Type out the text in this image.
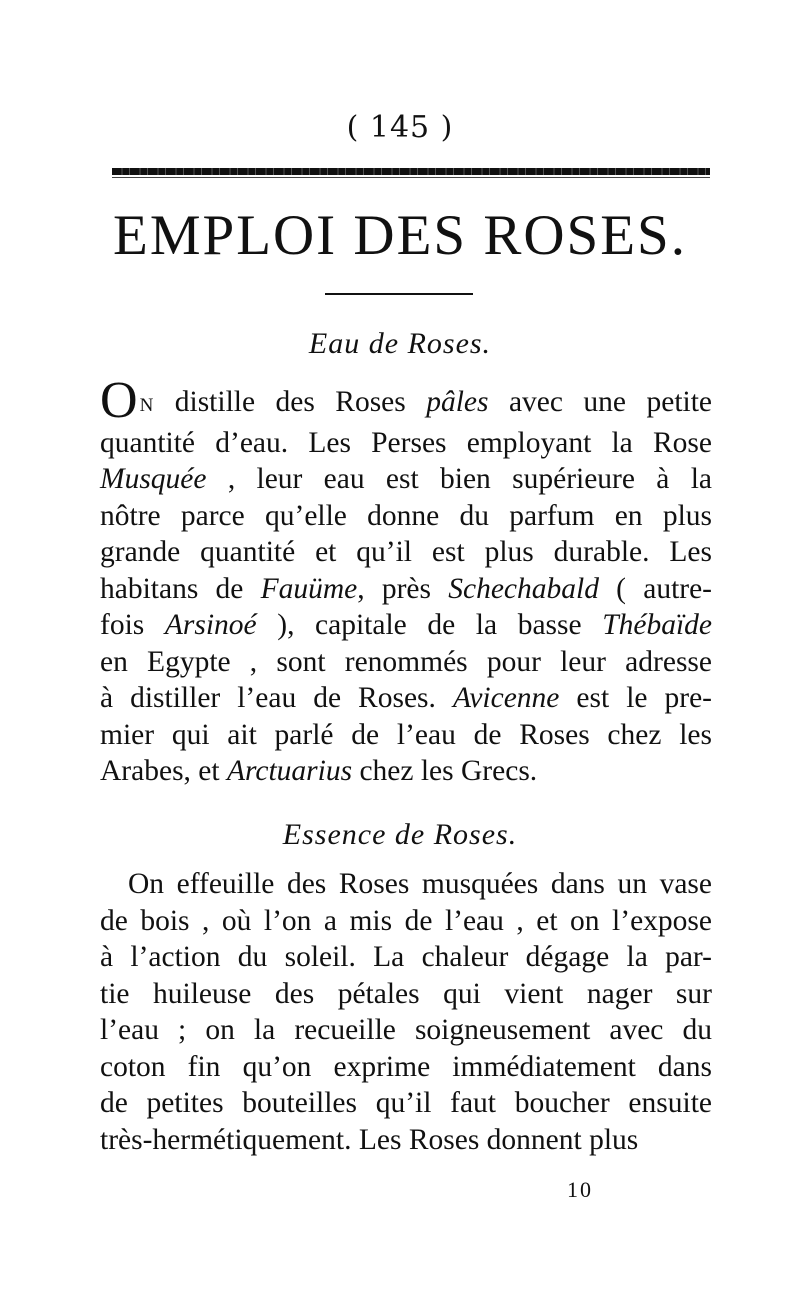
( 145 )
EMPLOI DES ROSES.
Eau de Roses.
O N distille des Roses pâles avec une petite
quantité d’eau. Les Perses employant la Rose
Musquée , leur eau est bien supérieure à la
nôtre parce qu’elle donne du parfum en plus
grande quantité et qu’il est plus durable. Les
habitans de Fauüme, près Schechabald ( autre-
fois Arsinoé ), capitale de la basse Thébaïde
en Egypte , sont renommés pour leur adresse
à distiller l’eau de Roses. Avicenne est le pre-
mier qui ait parlé de l’eau de Roses chez les
Arabes, et Arctuarius chez les Grecs.
Essence de Roses.
On effeuille des Roses musquées dans un vase
de bois , où l’on a mis de l’eau , et on l’expose
à l’action du soleil. La chaleur dégage la par-
tie huileuse des pétales qui vient nager sur
l’eau ; on la recueille soigneusement avec du
coton fin qu’on exprime immédiatement dans
de petites bouteilles qu’il faut boucher ensuite
très-hermétiquement. Les Roses donnent plus
10
